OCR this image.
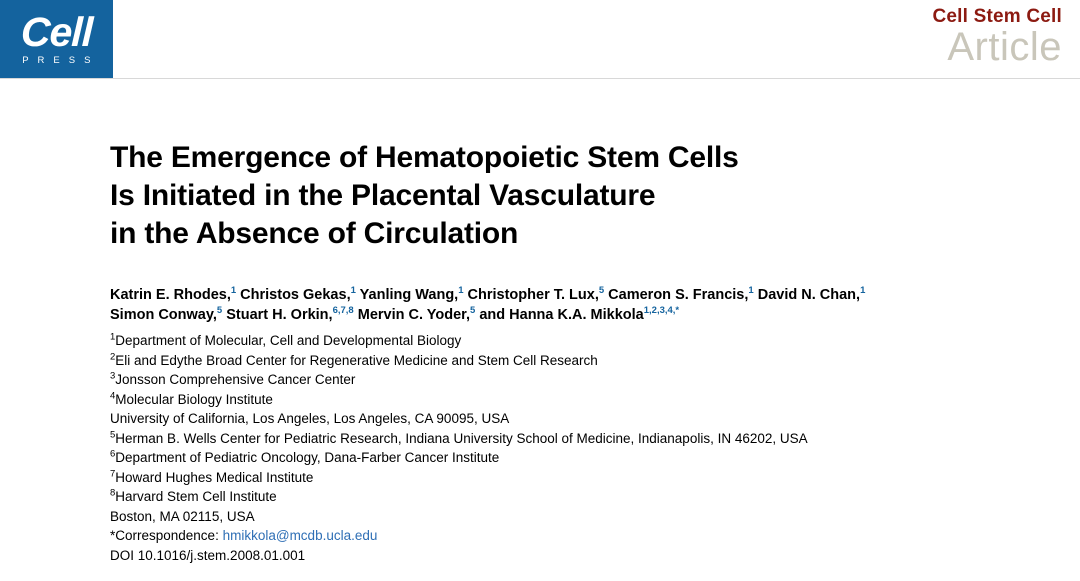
Cell
P R E S S
Cell Stem Cell
Article
The Emergence of Hematopoietic Stem Cells
Is Initiated in the Placental Vasculature
in the Absence of Circulation
Katrin E. Rhodes,$^1$ Christos Gekas,$^1$ Yanling Wang,$^1$ Christopher T. Lux,$^5$ Cameron S. Francis,$^1$ David N. Chan,$^1$
Simon Conway,$^5$ Stuart H. Orkin,$^{6,7,8}$ Mervin C. Yoder,$^5$ and Hanna K.A. Mikkola$^{1,2,3,4,*}$
$^1$Department of Molecular, Cell and Developmental Biology
$^2$Eli and Edythe Broad Center for Regenerative Medicine and Stem Cell Research
$^3$Jonsson Comprehensive Cancer Center
$^4$Molecular Biology Institute
University of California, Los Angeles, Los Angeles, CA 90095, USA
$^5$Herman B. Wells Center for Pediatric Research, Indiana University School of Medicine, Indianapolis, IN 46202, USA
$^6$Department of Pediatric Oncology, Dana-Farber Cancer Institute
$^7$Howard Hughes Medical Institute
$^8$Harvard Stem Cell Institute
Boston, MA 02115, USA
*Correspondence: hmikkola@mcdb.ucla.edu
DOI 10.1016/j.stem.2008.01.001
